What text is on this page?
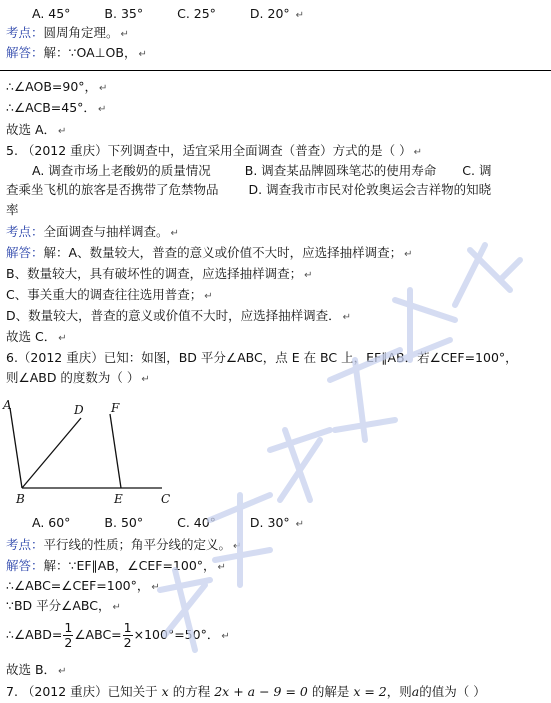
A. 45°	B. 35°	C. 25°	D. 20° ↵
考点：圆周角定理。 ↵
解答：解：∵OA⊥OB， ↵
∴∠AOB=90°， ↵
∴∠ACB=45°． ↵
故选 A． ↵
5. （2012 重庆）下列调查中，适宜采用全面调查（普查）方式的是（ ） ↵
A. 调查市场上老酸奶的质量情况	B. 调查某品牌圆珠笔芯的使用寿命 C. 调
查乘坐飞机的旅客是否携带了危禁物品 D. 调查我市市民对伦敦奥运会吉祥物的知晓
率
考点：全面调查与抽样调查。 ↵
解答：解：A、数量较大，普查的意义或价值不大时，应选择抽样调查； ↵
B、数量较大，具有破坏性的调查，应选择抽样调查； ↵
C、事关重大的调查往往选用普查； ↵
D、数量较大，普查的意义或价值不大时，应选择抽样调查． ↵
故选 C． ↵
6.（2012 重庆）已知：如图，BD 平分∠ABC，点 E 在 BC 上，EF∥AB．若∠CEF=100°，
则∠ABD 的度数为（ ） ↵
A	D F
B	E	C
A. 60°	B. 50°	C. 40°	D. 30° ↵
考点：平行线的性质；角平分线的定义。 ↵
解答：解：∵EF∥AB，∠CEF=100°， ↵
∴∠ABC=∠CEF=100°， ↵
∵BD 平分∠ABC， ↵
∴∠ABD= $\frac{1}{2}$ ∠ABC= $\frac{1}{2} \times 100^\circ=50^\circ$． ↵
故选 B． ↵
7. （2012 重庆）已知关于 x 的方程 2x + a − 9 = 0 的解是 x = 2，则a的值为（ ）
